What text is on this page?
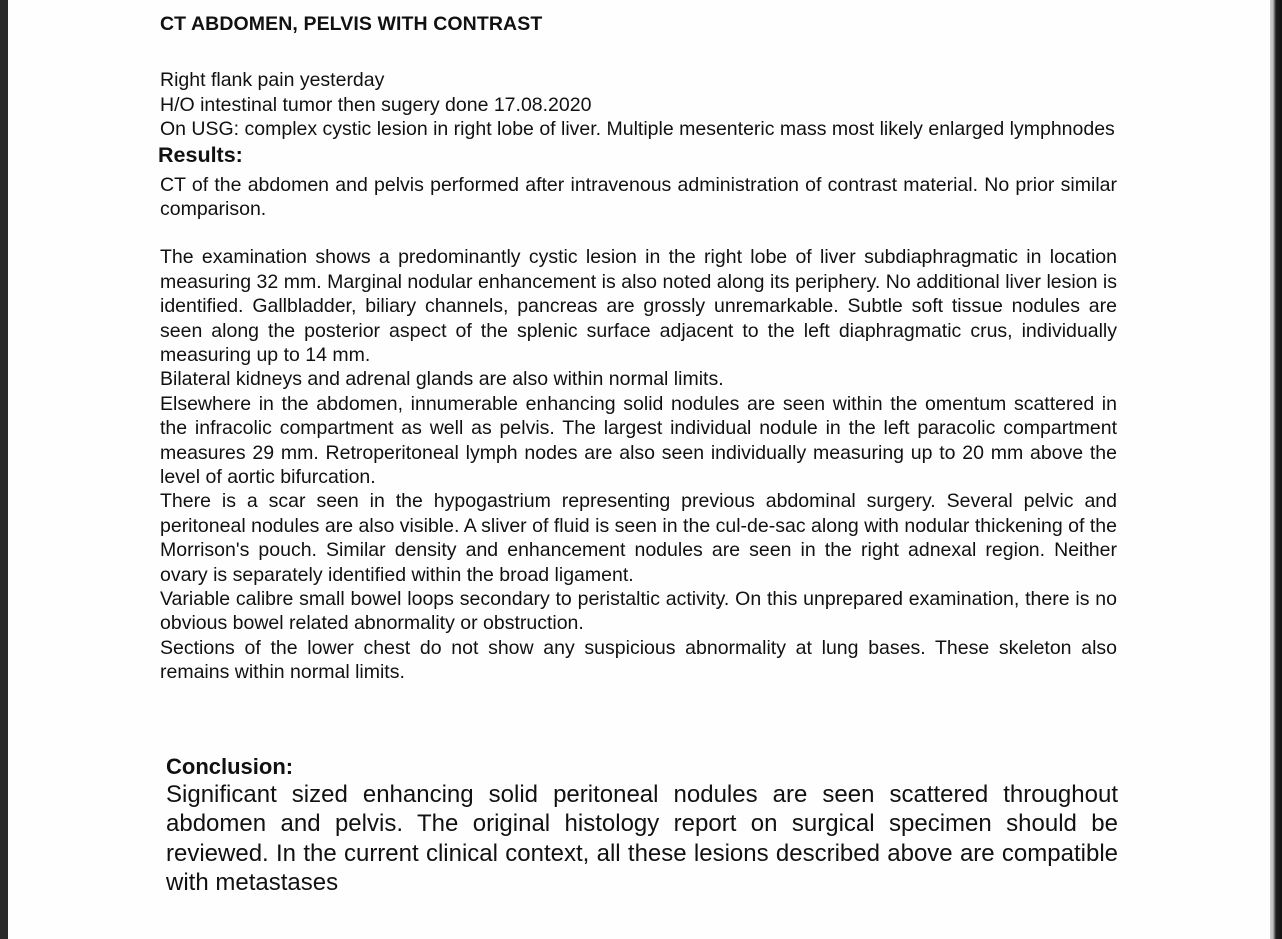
CT ABDOMEN, PELVIS WITH CONTRAST
Right flank pain yesterday
H/O intestinal tumor then sugery done 17.08.2020
On USG: complex cystic lesion in right lobe of liver. Multiple mesenteric mass most likely enlarged lymphnodes
Results:

CT of the abdomen and pelvis performed after intravenous administration of contrast material. No prior similar comparison.

The examination shows a predominantly cystic lesion in the right lobe of liver subdiaphragmatic in location measuring 32 mm. Marginal nodular enhancement is also noted along its periphery. No additional liver lesion is identified. Gallbladder, biliary channels, pancreas are grossly unremarkable. Subtle soft tissue nodules are seen along the posterior aspect of the splenic surface adjacent to the left diaphragmatic crus, individually measuring up to 14 mm.

Bilateral kidneys and adrenal glands are also within normal limits.

Elsewhere in the abdomen, innumerable enhancing solid nodules are seen within the omentum scattered in the infracolic compartment as well as pelvis. The largest individual nodule in the left paracolic compartment measures 29 mm. Retroperitoneal lymph nodes are also seen individually measuring up to 20 mm above the level of aortic bifurcation.

There is a scar seen in the hypogastrium representing previous abdominal surgery. Several pelvic and peritoneal nodules are also visible. A sliver of fluid is seen in the cul-de-sac along with nodular thickening of the Morrison's pouch. Similar density and enhancement nodules are seen in the right adnexal region. Neither ovary is separately identified within the broad ligament.

Variable calibre small bowel loops secondary to peristaltic activity. On this unprepared examination, there is no obvious bowel related abnormality or obstruction.

Sections of the lower chest do not show any suspicious abnormality at lung bases. These skeleton also remains within normal limits.

Conclusion:

Significant sized enhancing solid peritoneal nodules are seen scattered throughout abdomen and pelvis. The original histology report on surgical specimen should be reviewed. In the current clinical context, all these lesions described above are compatible with metastases
